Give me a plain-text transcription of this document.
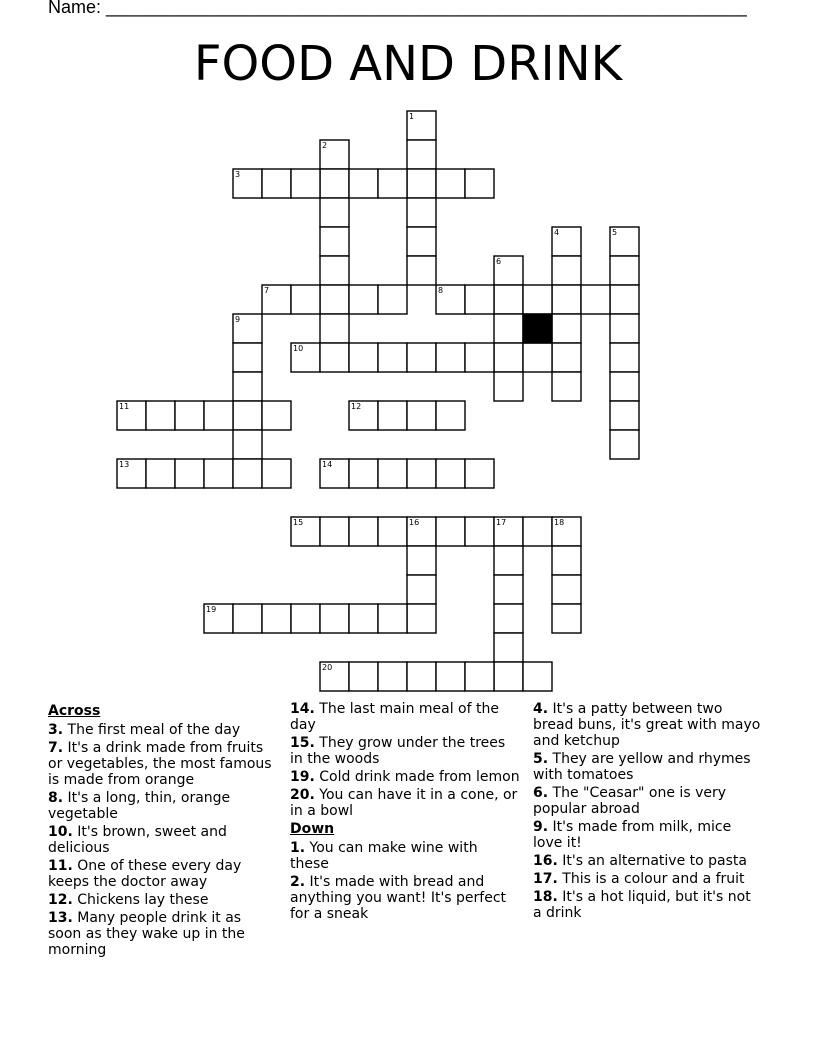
Name: ________________________________________________________________
FOOD AND DRINK
1
2
3
4	5
6
7	8
9
10
11	12
13	14
15	16	17	18
19
20
Across
3. The first meal of the day
7. It's a drink made from fruits or vegetables, the most famous is made from orange
8. It's a long, thin, orange vegetable
10. It's brown, sweet and delicious
11. One of these every day keeps the doctor away
12. Chickens lay these
13. Many people drink it as soon as they wake up in the morning
14. The last main meal of the day
15. They grow under the trees in the woods
19. Cold drink made from lemon
20. You can have it in a cone, or in a bowl
Down
1. You can make wine with these
2. It's made with bread and anything you want! It's perfect for a sneak
4. It's a patty between two bread buns, it's great with mayo and ketchup
5. They are yellow and rhymes with tomatoes
6. The "Ceasar" one is very popular abroad
9. It's made from milk, mice love it!
16. It's an alternative to pasta
17. This is a colour and a fruit
18. It's a hot liquid, but it's not a drink
